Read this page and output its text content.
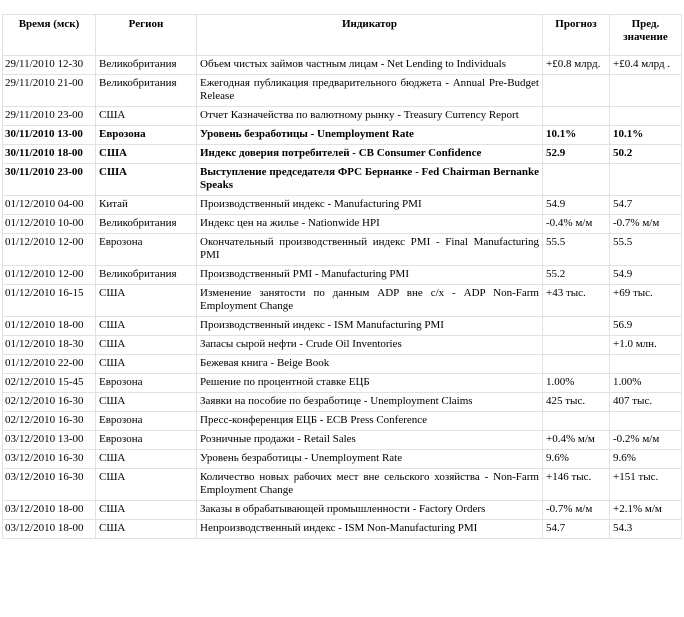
Время (мск)	Регион	Индикатор	Прогноз	Пред. значение
29/11/2010 12-30	Великобритания	Объем чистых займов частным лицам - Net Lending to Individuals	+£0.8 млрд.	+£0.4 млрд .
29/11/2010 21-00	Великобритания	Ежегодная публикация предварительного бюджета - Annual Pre-Budget Release		
29/11/2010 23-00	США	Отчет Казначейства по валютному рынку - Treasury Currency Report		
30/11/2010 13-00	Еврозона	Уровень безработицы - Unemployment Rate	10.1%	10.1%
30/11/2010 18-00	США	Индекс доверия потребителей - CB Consumer Confidence	52.9	50.2
30/11/2010 23-00	США	Выступление председателя ФРС Бернанке - Fed Chairman Bernanke Speaks		
01/12/2010 04-00	Китай	Производственный индекс - Manufacturing PMI	54.9	54.7
01/12/2010 10-00	Великобритания	Индекс цен на жилье - Nationwide HPI	-0.4% м/м	-0.7% м/м
01/12/2010 12-00	Еврозона	Окончательный производственный индекс PMI - Final Manufacturing PMI	55.5	55.5
01/12/2010 12-00	Великобритания	Производственный PMI - Manufacturing PMI	55.2	54.9
01/12/2010 16-15	США	Изменение занятости по данным ADP вне с/х - ADP Non-Farm Employment Change	+43 тыс.	+69 тыс.
01/12/2010 18-00	США	Производственный индекс - ISM Manufacturing PMI		56.9
01/12/2010 18-30	США	Запасы сырой нефти - Crude Oil Inventories		+1.0 млн.
01/12/2010 22-00	США	Бежевая книга - Beige Book		
02/12/2010 15-45	Еврозона	Решение по процентной ставке ЕЦБ	1.00%	1.00%
02/12/2010 16-30	США	Заявки на пособие по безработице - Unemployment Claims	425 тыс.	407 тыс.
02/12/2010 16-30	Еврозона	Пресс-конференция ЕЦБ - ECB Press Conference		
03/12/2010 13-00	Еврозона	Розничные продажи - Retail Sales	+0.4% м/м	-0.2% м/м
03/12/2010 16-30	США	Уровень безработицы - Unemployment Rate	9.6%	9.6%
03/12/2010 16-30	США	Количество новых рабочих мест вне сельского хозяйства - Non-Farm Employment Change	+146 тыс.	+151 тыс.
03/12/2010 18-00	США	Заказы в обрабатывающей промышленности - Factory Orders	-0.7% м/м	+2.1% м/м
03/12/2010 18-00	США	Непроизводственный индекс - ISM Non-Manufacturing PMI	54.7	54.3
